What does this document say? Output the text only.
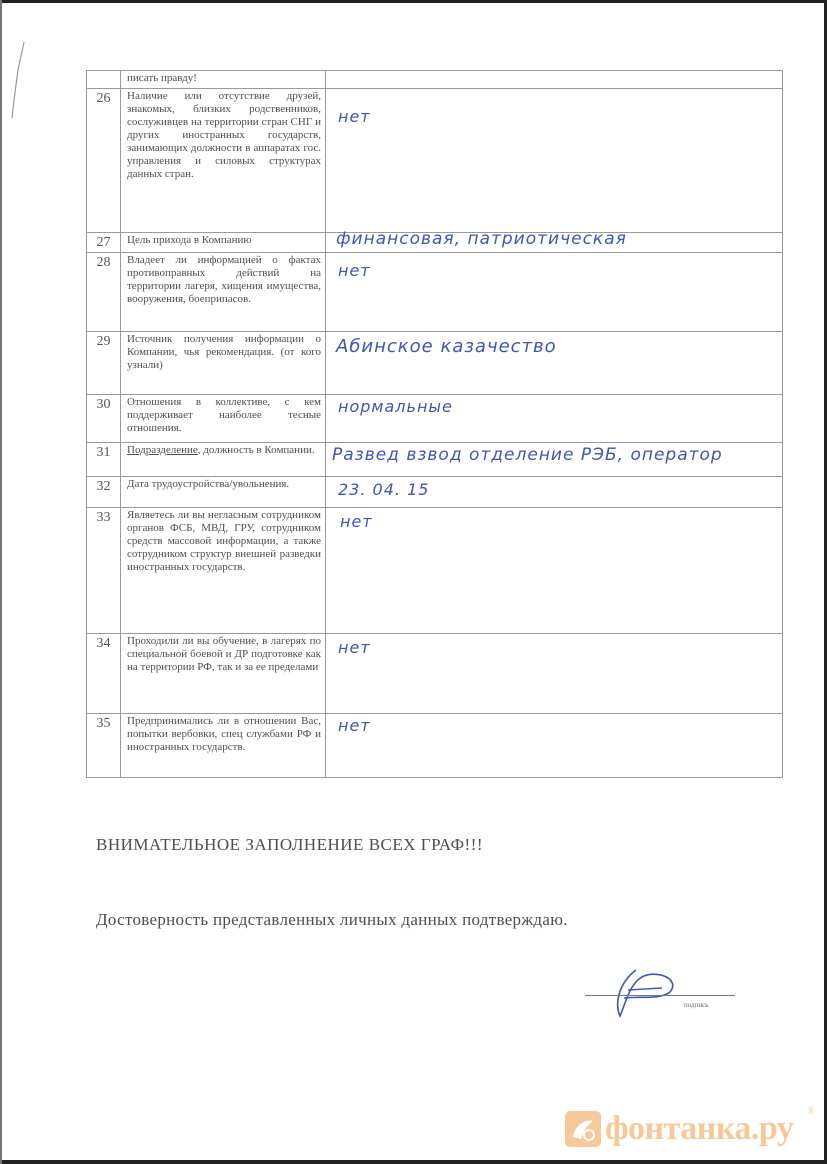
	писать правду!	
26	Наличие или отсутствие друзей, знакомых, близких родственников, сослуживцев на территории стран СНГ и других иностранных государств, занимающих должности в аппаратах гос. управления и силовых структурах данных стран.	нет

27	Цель прихода в Компанию	финансовая, патриотическая

28	Владеет ли информацией о фактах противоправных действий на территории лагеря, хищения имущества, вооружения, боеприпасов.	нет

29	Источник получения информации о Компании, чья рекомендация. (от кого узнали)	Абинское казачество

30	Отношения в коллективе, с кем поддерживает наиболее тесные отношения.	нормальные

31	Подразделение, должность в Компании.	Развед взвод отделение РЭБ, оператор

32	Дата трудоустройства/увольнения.	23. 04. 15

33	Являетесь ли вы негласным сотрудником органов ФСБ, МВД, ГРУ, сотрудником средств массовой информации, а также сотрудником структур внешней разведки иностранных государств.	нет

34	Проходили ли вы обучение, в лагерях по специальной боевой и ДР подготовке как на территории РФ, так и за ее пределами	нет

35	Предпринимались ли в отношении Вас, попытки вербовки, спец службами РФ и иностранных государств.	нет
ВНИМАТЕЛЬНОЕ ЗАПОЛНЕНИЕ ВСЕХ ГРАФ!!!
Достоверность представленных личных данных подтверждаю.
подпись
фонтанка.ру ®
